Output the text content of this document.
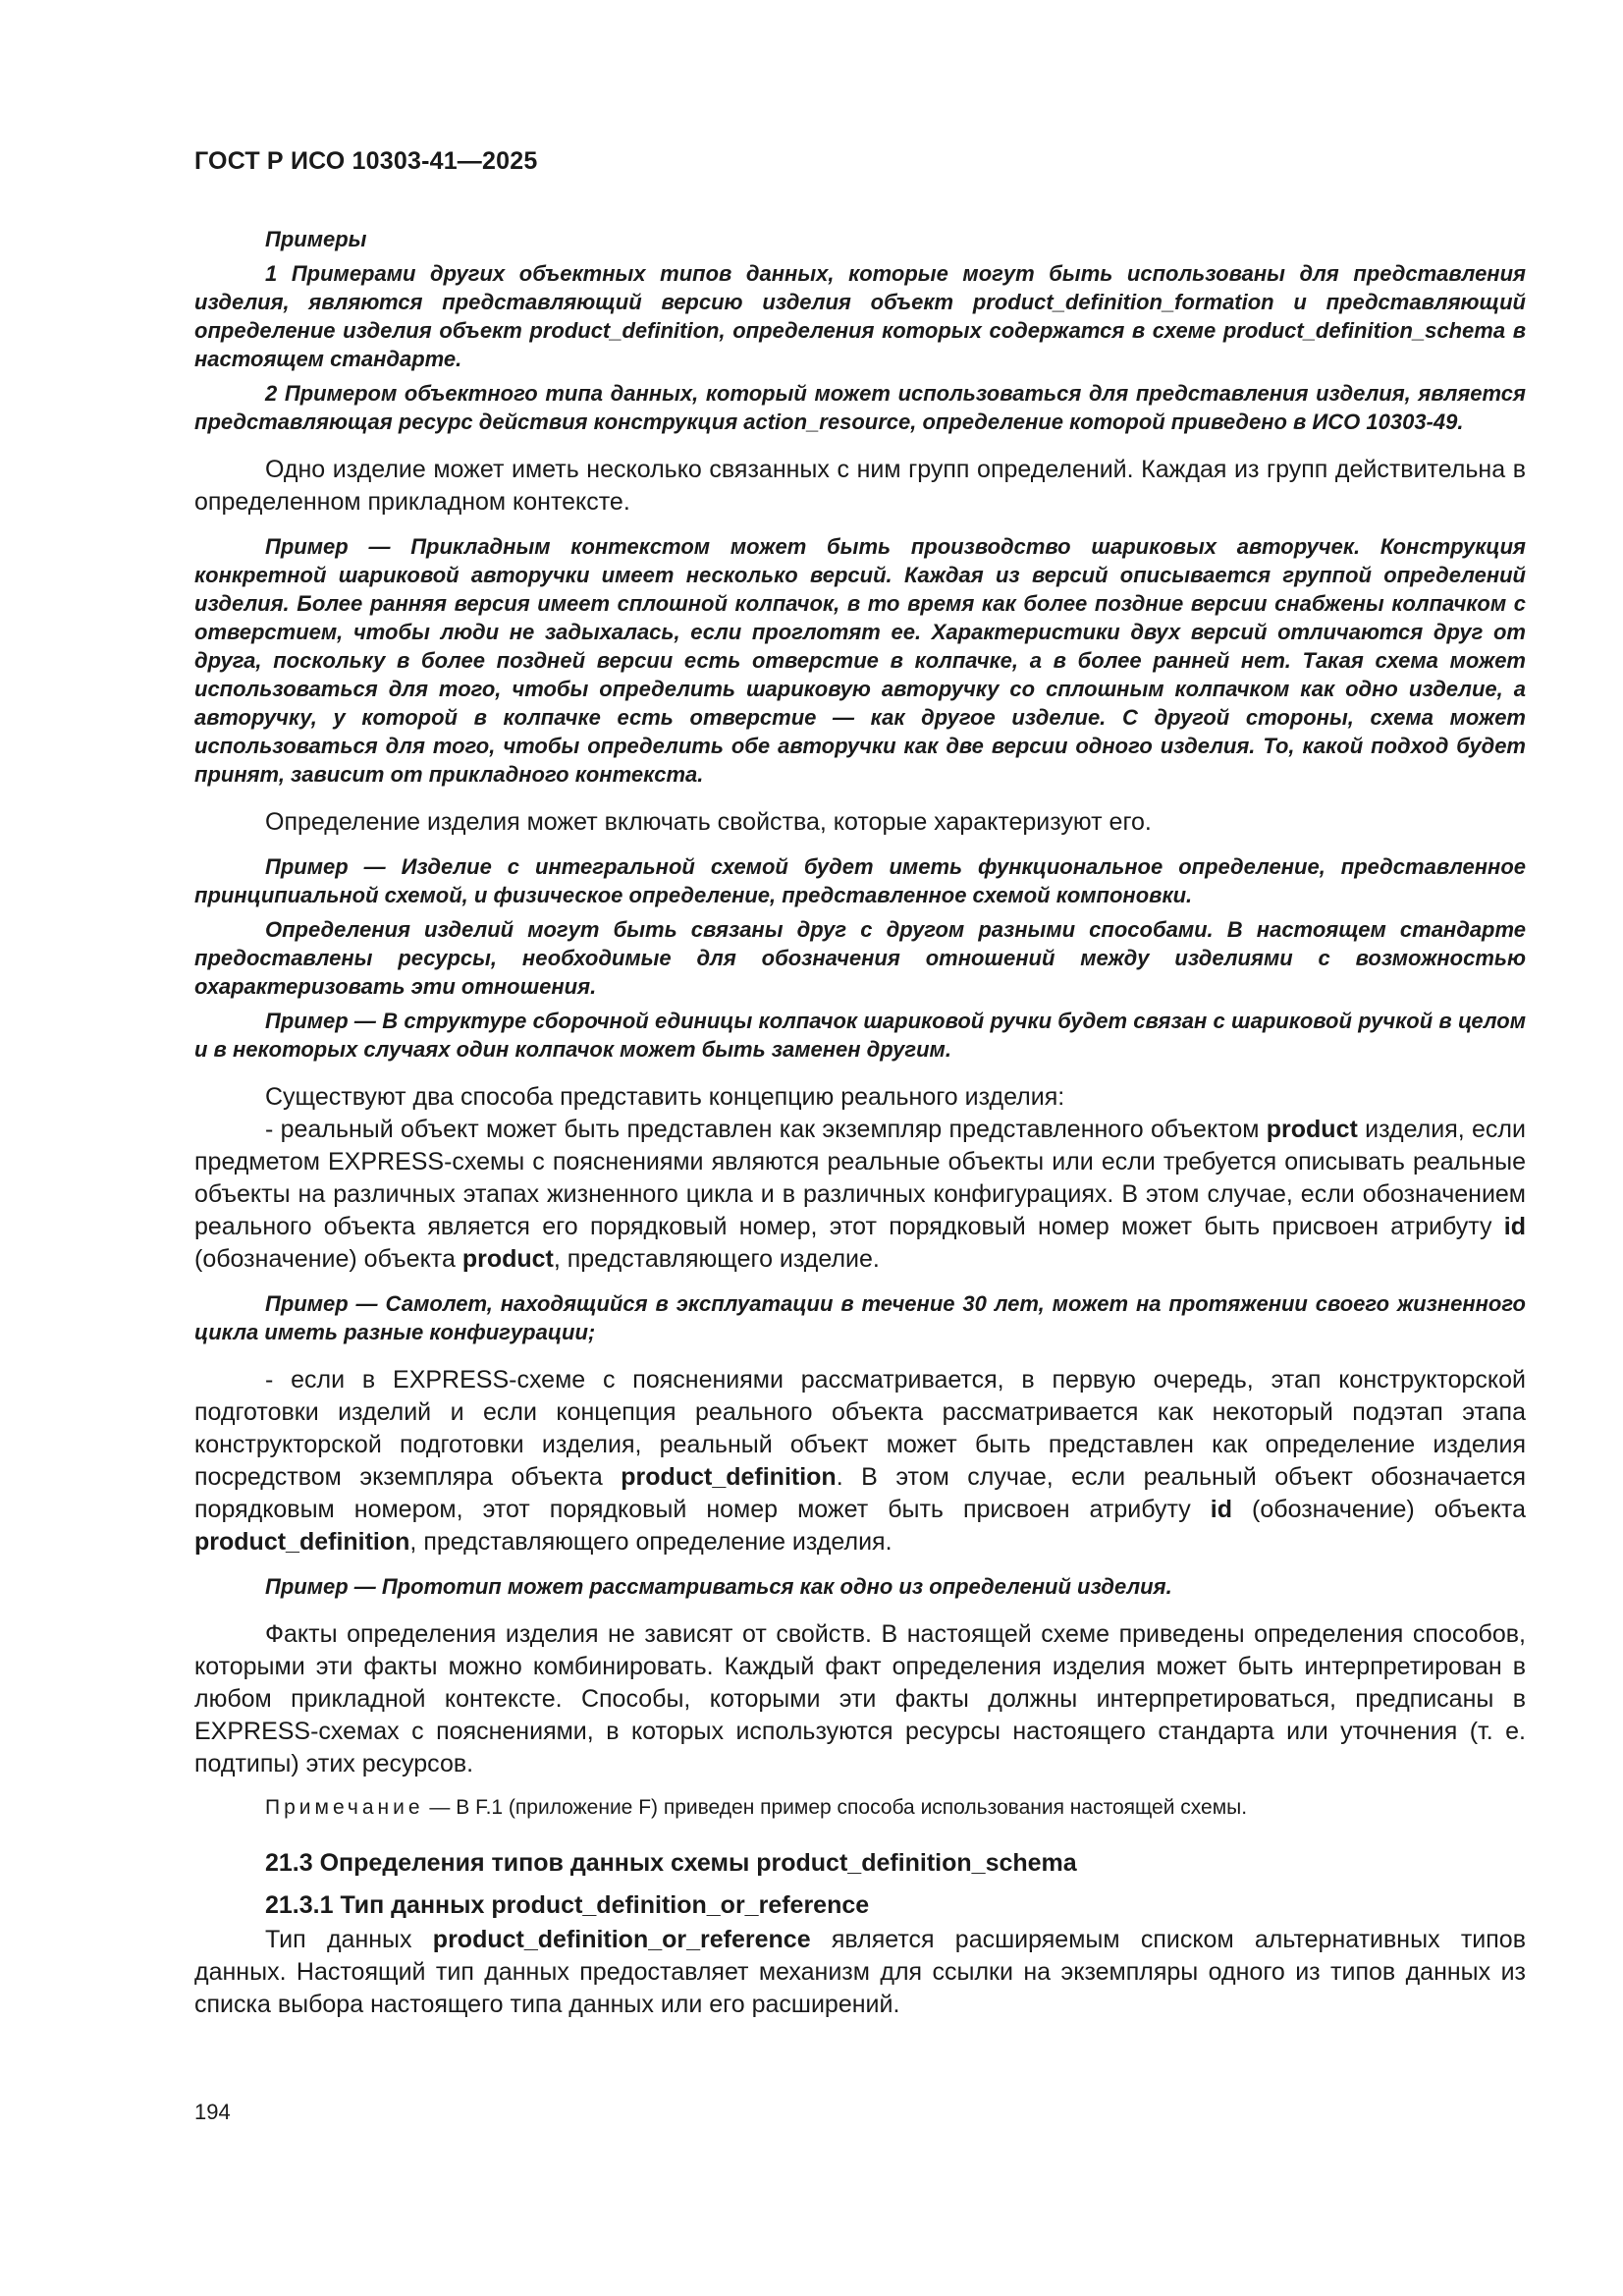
ГОСТ Р ИСО 10303-41—2025

Примеры

1 Примерами других объектных типов данных, которые могут быть использованы для представления изделия, являются представляющий версию изделия объект product_definition_formation и представляющий определение изделия объект product_definition, определения которых содержатся в схеме product_definition_schema в настоящем стандарте.

2 Примером объектного типа данных, который может использоваться для представления изделия, является представляющая ресурс действия конструкция action_resource, определение которой приведено в ИСО 10303-49.

Одно изделие может иметь несколько связанных с ним групп определений. Каждая из групп действительна в определенном прикладном контексте.

Пример — Прикладным контекстом может быть производство шариковых авторучек. Конструкция конкретной шариковой авторучки имеет несколько версий. Каждая из версий описывается группой определений изделия. Более ранняя версия имеет сплошной колпачок, в то время как более поздние версии снабжены колпачком с отверстием, чтобы люди не задыхалась, если проглотят ее. Характеристики двух версий отличаются друг от друга, поскольку в более поздней версии есть отверстие в колпачке, а в более ранней нет. Такая схема может использоваться для того, чтобы определить шариковую авторучку со сплошным колпачком как одно изделие, а авторучку, у которой в колпачке есть отверстие — как другое изделие. С другой стороны, схема может использоваться для того, чтобы определить обе авторучки как две версии одного изделия. То, какой подход будет принят, зависит от прикладного контекста.

Определение изделия может включать свойства, которые характеризуют его.

Пример — Изделие с интегральной схемой будет иметь функциональное определение, представленное принципиальной схемой, и физическое определение, представленное схемой компоновки.

Определения изделий могут быть связаны друг с другом разными способами. В настоящем стандарте предоставлены ресурсы, необходимые для обозначения отношений между изделиями с возможностью охарактеризовать эти отношения.

Пример — В структуре сборочной единицы колпачок шариковой ручки будет связан с шариковой ручкой в целом и в некоторых случаях один колпачок может быть заменен другим.

Существуют два способа представить концепцию реального изделия:

- реальный объект может быть представлен как экземпляр представленного объектом product изделия, если предметом EXPRESS-схемы с пояснениями являются реальные объекты или если требуется описывать реальные объекты на различных этапах жизненного цикла и в различных конфигурациях. В этом случае, если обозначением реального объекта является его порядковый номер, этот порядковый номер может быть присвоен атрибуту id (обозначение) объекта product, представляющего изделие.

Пример — Самолет, находящийся в эксплуатации в течение 30 лет, может на протяжении своего жизненного цикла иметь разные конфигурации;

- если в EXPRESS-схеме с пояснениями рассматривается, в первую очередь, этап конструкторской подготовки изделий и если концепция реального объекта рассматривается как некоторый подэтап этапа конструкторской подготовки изделия, реальный объект может быть представлен как определение изделия посредством экземпляра объекта product_definition. В этом случае, если реальный объект обозначается порядковым номером, этот порядковый номер может быть присвоен атрибуту id (обозначение) объекта product_definition, представляющего определение изделия.

Пример — Прототип может рассматриваться как одно из определений изделия.

Факты определения изделия не зависят от свойств. В настоящей схеме приведены определения способов, которыми эти факты можно комбинировать. Каждый факт определения изделия может быть интерпретирован в любом прикладной контексте. Способы, которыми эти факты должны интерпретироваться, предписаны в EXPRESS-схемах с пояснениями, в которых используются ресурсы настоящего стандарта или уточнения (т. е. подтипы) этих ресурсов.

Примечание — В F.1 (приложение F) приведен пример способа использования настоящей схемы.

21.3 Определения типов данных схемы product_definition_schema
21.3.1 Тип данных product_definition_or_reference

Тип данных product_definition_or_reference является расширяемым списком альтернативных типов данных. Настоящий тип данных предоставляет механизм для ссылки на экземпляры одного из типов данных из списка выбора настоящего типа данных или его расширений.

194
